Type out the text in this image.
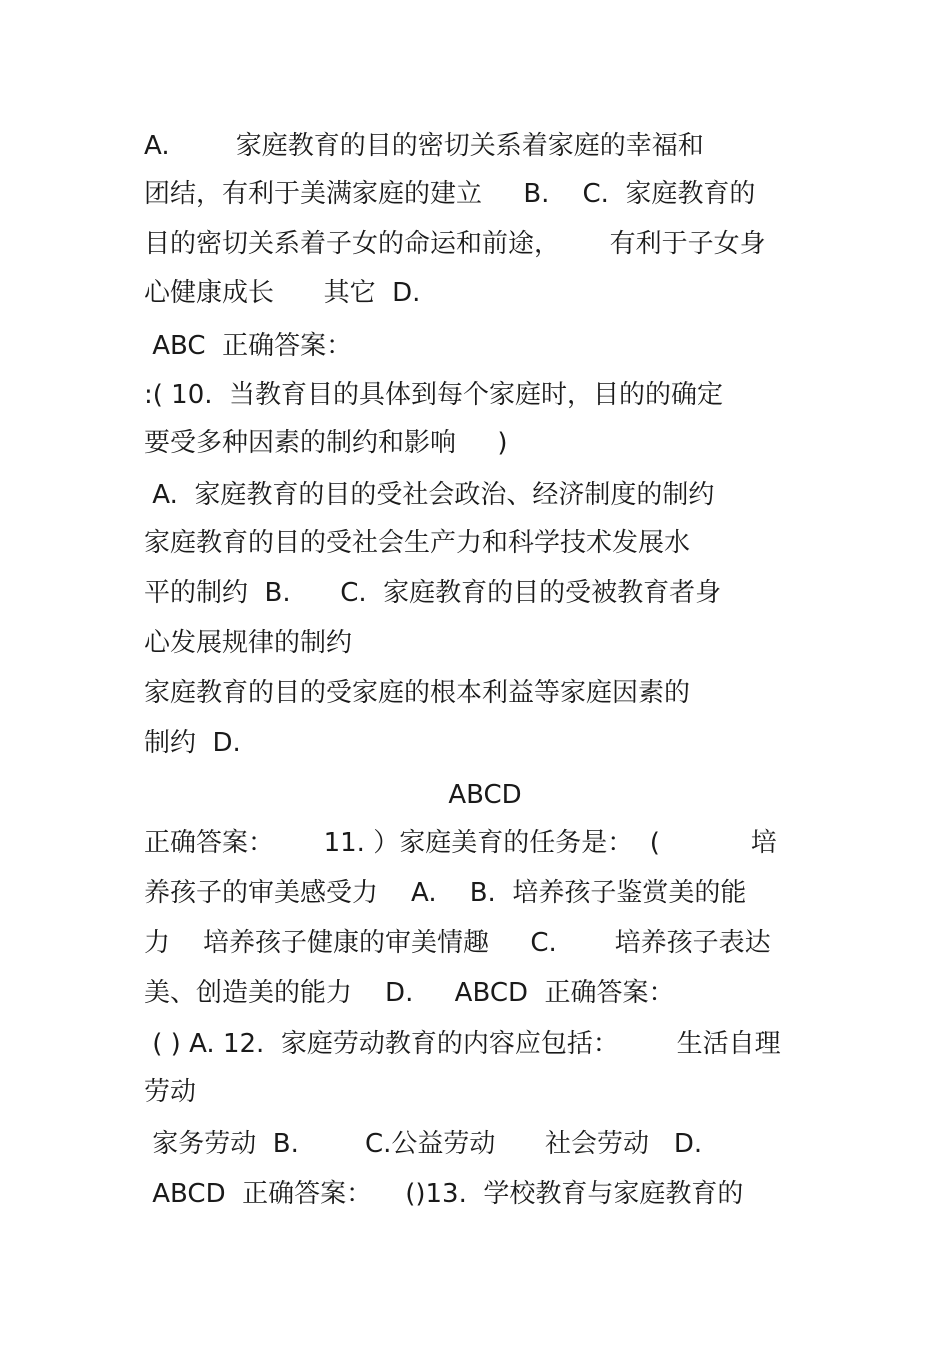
A.        家庭教育的目的密切关系着家庭的幸福和
团结，有利于美满家庭的建立     B.    C.  家庭教育的
目的密切关系着子女的命运和前途，      有利于子女身
心健康成长      其它  D.
ABC  正确答案：
:( 10.  当教育目的具体到每个家庭时，目的的确定
要受多种因素的制约和影响     )
A.  家庭教育的目的受社会政治、经济制度的制约
家庭教育的目的受社会生产力和科学技术发展水
平的制约  B.      C.  家庭教育的目的受被教育者身
心发展规律的制约
家庭教育的目的受家庭的根本利益等家庭因素的
制约  D.
ABCD
正确答案：      11. ）家庭美育的任务是：  (           培
养孩子的审美感受力    A.    B.  培养孩子鉴赏美的能
力    培养孩子健康的审美情趣     C.       培养孩子表达
美、创造美的能力    D.     ABCD  正确答案：
( ) A. 12.  家庭劳动教育的内容应包括：       生活自理
劳动
家务劳动  B.        C.公益劳动      社会劳动   D.
ABCD  正确答案：    ()13.  学校教育与家庭教育的
